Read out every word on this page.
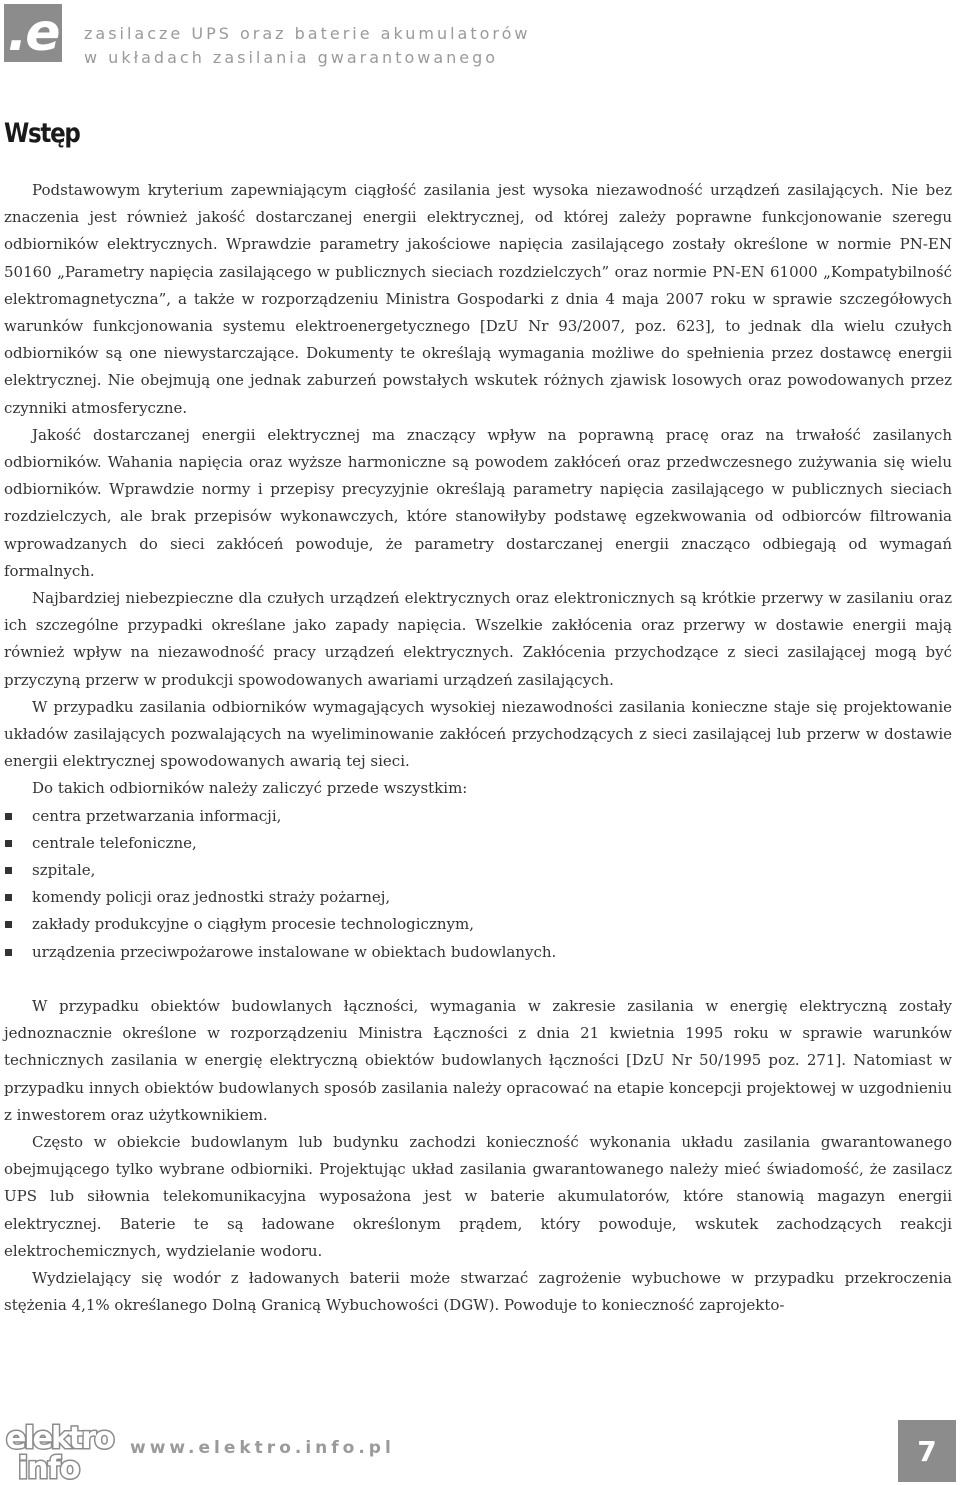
.e zasilacze UPS oraz baterie akumulatorów
w układach zasilania gwarantowanego
Wstęp

Podstawowym kryterium zapewniającym ciągłość zasilania jest wysoka niezawodność urządzeń zasilających. Nie bez znaczenia jest również jakość dostarczanej energii elektrycznej, od której zależy poprawne funkcjonowanie szeregu odbiorników elektrycznych. Wprawdzie parametry jakościowe napięcia zasilającego zostały określone w normie PN-EN 50160 „Parametry napięcia zasilającego w publicznych sieciach rozdzielczych” oraz normie PN-EN 61000 „Kompatybilność elektromagnetyczna”, a także w rozporządzeniu Ministra Gospodarki z dnia 4 maja 2007 roku w sprawie szczegółowych warunków funkcjonowania systemu elektroenergetycznego [DzU Nr 93/2007, poz. 623], to jednak dla wielu czułych odbiorników są one niewystarczające. Dokumenty te określają wymagania możliwe do spełnienia przez dostawcę energii elektrycznej. Nie obejmują one jednak zaburzeń powstałych wskutek różnych zjawisk losowych oraz powodowanych przez czynniki atmosferyczne.

Jakość dostarczanej energii elektrycznej ma znaczący wpływ na poprawną pracę oraz na trwałość zasilanych odbiorników. Wahania napięcia oraz wyższe harmoniczne są powodem zakłóceń oraz przedwczesnego zużywania się wielu odbiorników. Wprawdzie normy i przepisy precyzyjnie określają parametry napięcia zasilającego w publicznych sieciach rozdzielczych, ale brak przepisów wykonawczych, które stanowiłyby podstawę egzekwowania od odbiorców filtrowania wprowadzanych do sieci zakłóceń powoduje, że parametry dostarczanej energii znacząco odbiegają od wymagań formalnych.

Najbardziej niebezpieczne dla czułych urządzeń elektrycznych oraz elektronicznych są krótkie przerwy w zasilaniu oraz ich szczególne przypadki określane jako zapady napięcia. Wszelkie zakłócenia oraz przerwy w dostawie energii mają również wpływ na niezawodność pracy urządzeń elektrycznych. Zakłócenia przychodzące z sieci zasilającej mogą być przyczyną przerw w produkcji spowodowanych awariami urządzeń zasilających.

W przypadku zasilania odbiorników wymagających wysokiej niezawodności zasilania konieczne staje się projektowanie układów zasilających pozwalających na wyeliminowanie zakłóceń przychodzących z sieci zasilającej lub przerw w dostawie energii elektrycznej spowodowanych awarią tej sieci.

Do takich odbiorników należy zaliczyć przede wszystkim:

centra przetwarzania informacji,
centrale telefoniczne,
szpitale,
komendy policji oraz jednostki straży pożarnej,
zakłady produkcyjne o ciągłym procesie technologicznym,
urządzenia przeciwpożarowe instalowane w obiektach budowlanych.

W przypadku obiektów budowlanych łączności, wymagania w zakresie zasilania w energię elektryczną zostały jednoznacznie określone w rozporządzeniu Ministra Łączności z dnia 21 kwietnia 1995 roku w sprawie warunków technicznych zasilania w energię elektryczną obiektów budowlanych łączności [DzU Nr 50/1995 poz. 271]. Natomiast w przypadku innych obiektów budowlanych sposób zasilania należy opracować na etapie koncepcji projektowej w uzgodnieniu z inwestorem oraz użytkownikiem.

Często w obiekcie budowlanym lub budynku zachodzi konieczność wykonania układu zasilania gwarantowanego obejmującego tylko wybrane odbiorniki. Projektując układ zasilania gwarantowanego należy mieć świadomość, że zasilacz UPS lub siłownia telekomunikacyjna wyposażona jest w baterie akumulatorów, które stanowią magazyn energii elektrycznej. Baterie te są ładowane określonym prądem, który powoduje, wskutek zachodzących reakcji elektrochemicznych, wydzielanie wodoru.

Wydzielający się wodór z ładowanych baterii może stwarzać zagrożenie wybuchowe w przypadku przekroczenia stężenia 4,1% określanego Dolną Granicą Wybuchowości (DGW). Powoduje to konieczność zaprojekto-

elektro
info
www.elektro.info.pl	7
